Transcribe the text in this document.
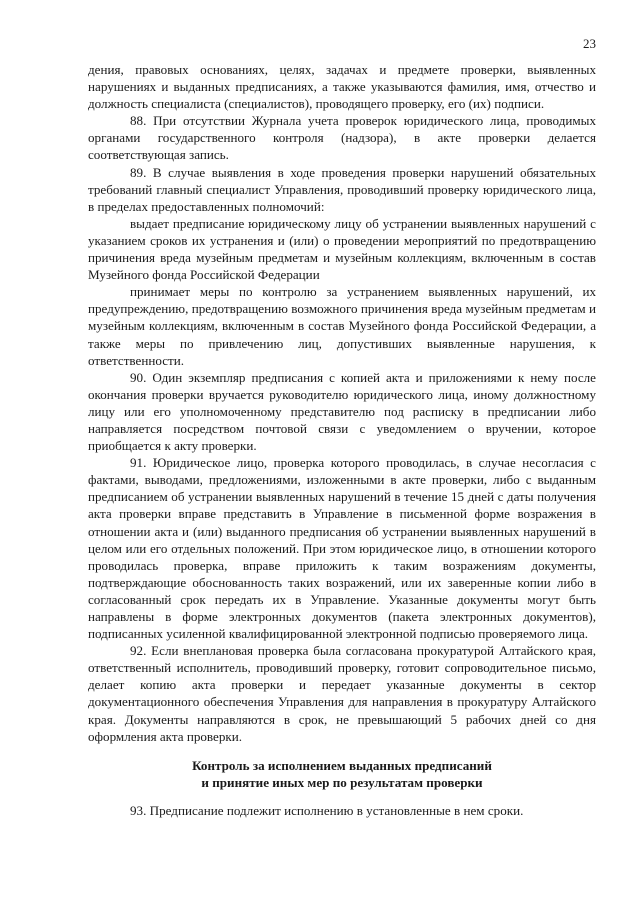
23

дения, правовых основаниях, целях, задачах и предмете проверки, выявленных нарушениях и выданных предписаниях, а также указываются фамилия, имя, отчество и должность специалиста (специалистов), проводящего проверку, его (их) подписи.

88. При отсутствии Журнала учета проверок юридического лица, проводимых органами государственного контроля (надзора), в акте проверки делается соответствующая запись.

89. В случае выявления в ходе проведения проверки нарушений обязательных требований главный специалист Управления, проводивший проверку юридического лица, в пределах предоставленных полномочий:

выдает предписание юридическому лицу об устранении выявленных нарушений с указанием сроков их устранения и (или) о проведении мероприятий по предотвращению причинения вреда музейным предметам и музейным коллекциям, включенным в состав Музейного фонда Российской Федерации

принимает меры по контролю за устранением выявленных нарушений, их предупреждению, предотвращению возможного причинения вреда музейным предметам и музейным коллекциям, включенным в состав Музейного фонда Российской Федерации, а также меры по привлечению лиц, допустивших выявленные нарушения, к ответственности.

90. Один экземпляр предписания с копией акта и приложениями к нему после окончания проверки вручается руководителю юридического лица, иному должностному лицу или его уполномоченному представителю под расписку в предписании либо направляется посредством почтовой связи с уведомлением о вручении, которое приобщается к акту проверки.

91. Юридическое лицо, проверка которого проводилась, в случае несогласия с фактами, выводами, предложениями, изложенными в акте проверки, либо с выданным предписанием об устранении выявленных нарушений в течение 15 дней с даты получения акта проверки вправе представить в Управление в письменной форме возражения в отношении акта и (или) выданного предписания об устранении выявленных нарушений в целом или его отдельных положений. При этом юридическое лицо, в отношении которого проводилась проверка, вправе приложить к таким возражениям документы, подтверждающие обоснованность таких возражений, или их заверенные копии либо в согласованный срок передать их в Управление. Указанные документы могут быть направлены в форме электронных документов (пакета электронных документов), подписанных усиленной квалифицированной электронной подписью проверяемого лица.

92. Если внеплановая проверка была согласована прокуратурой Алтайского края, ответственный исполнитель, проводивший проверку, готовит сопроводительное письмо, делает копию акта проверки и передает указанные документы в сектор документационного обеспечения Управления для направления в прокуратуру Алтайского края. Документы направляются в срок, не превышающий 5 рабочих дней со дня оформления акта проверки.

Контроль за исполнением выданных предписаний
и принятие иных мер по результатам проверки

93. Предписание подлежит исполнению в установленные в нем сроки.
